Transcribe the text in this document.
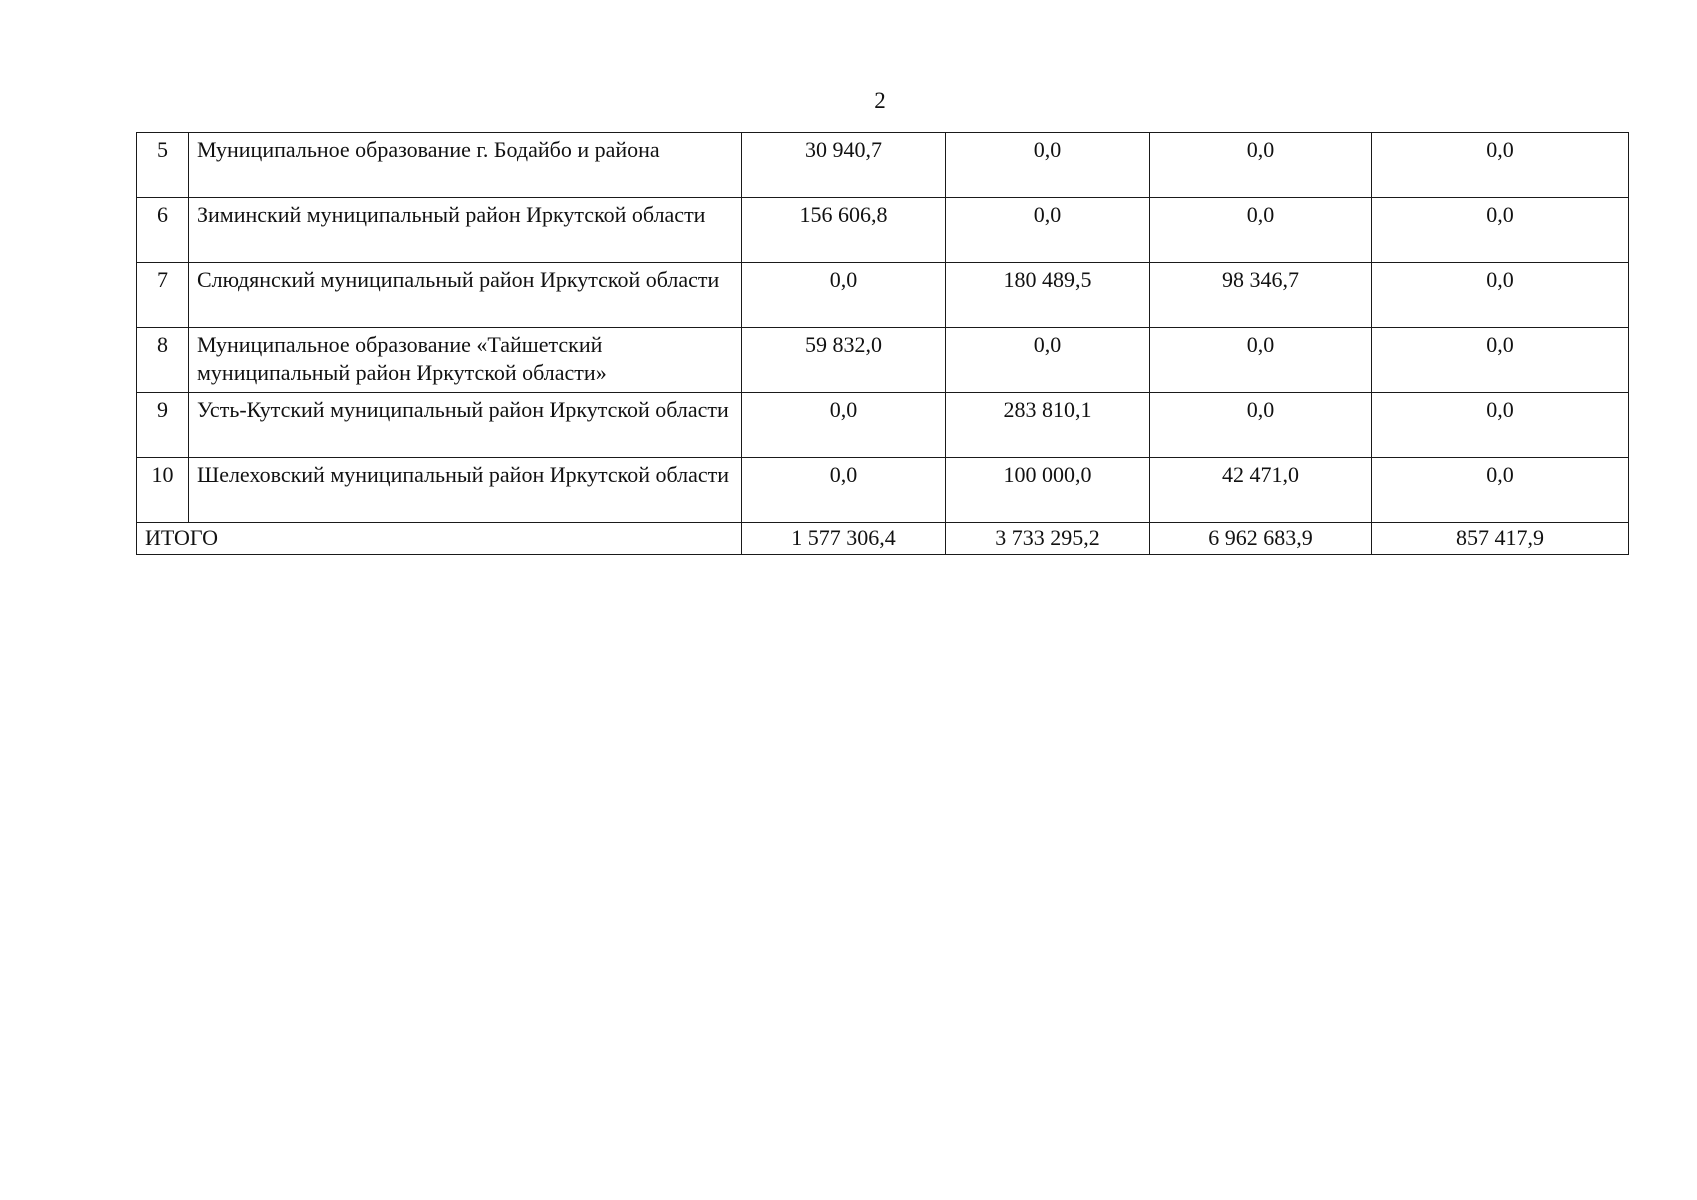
2
5	Муниципальное образование г. Бодайбо и района	30 940,7	0,0	0,0	0,0
6	Зиминский муниципальный район Иркутской области	156 606,8	0,0	0,0	0,0
7	Слюдянский муниципальный район Иркутской области	0,0	180 489,5	98 346,7	0,0
8	Муниципальное образование «Тайшетский муниципальный район Иркутской области»	59 832,0	0,0	0,0	0,0
9	Усть-Кутский муниципальный район Иркутской области	0,0	283 810,1	0,0	0,0
10	Шелеховский муниципальный район Иркутской области	0,0	100 000,0	42 471,0	0,0
ИТОГО		1 577 306,4	3 733 295,2	6 962 683,9	857 417,9
